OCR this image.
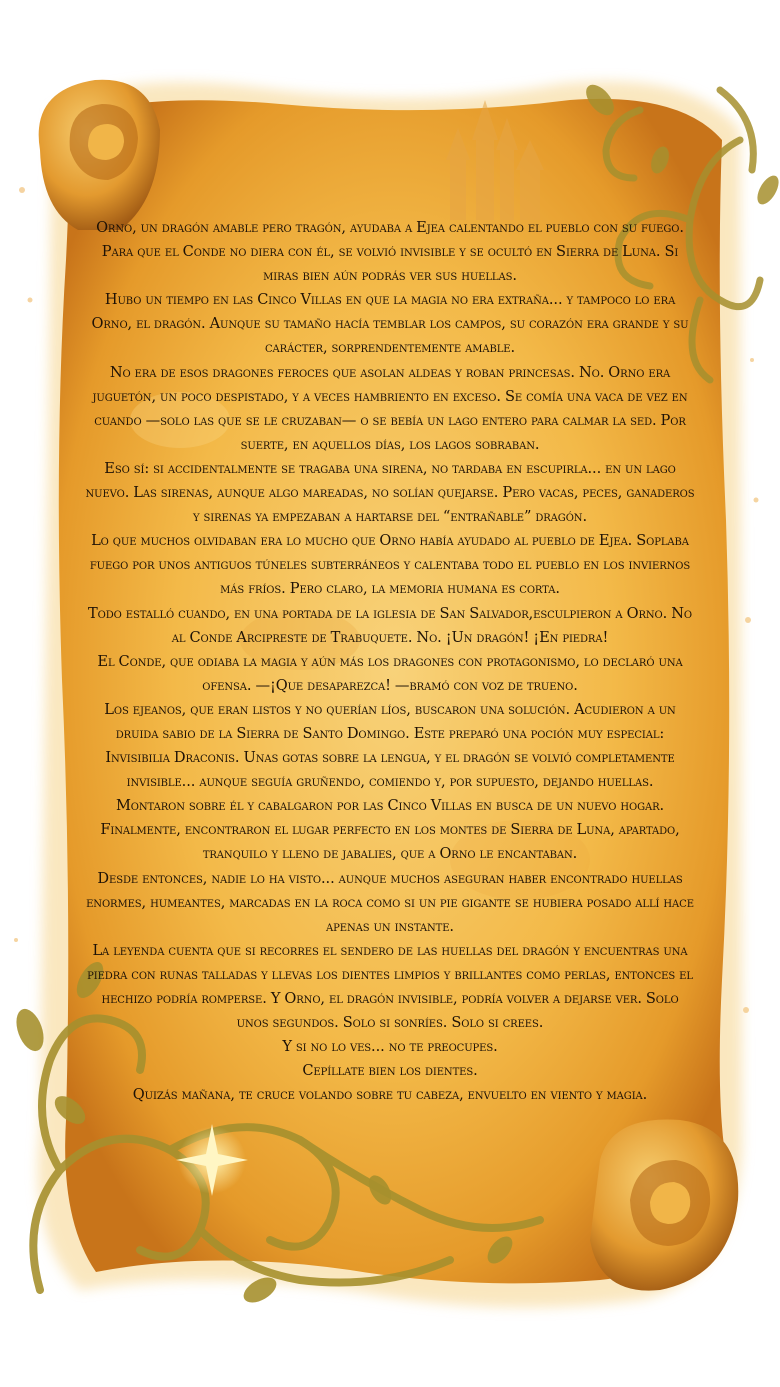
Orno, un dragón amable pero tragón, ayudaba a Ejea calentando el pueblo con su fuego. Para que el Conde no diera con él, se volvió invisible y se ocultó en Sierra de Luna. Si miras bien aún podrás ver sus huellas.

Hubo un tiempo en las Cinco Villas en que la magia no era extraña... y tampoco lo era Orno, el dragón. Aunque su tamaño hacía temblar los campos, su corazón era grande y su carácter, sorprendentemente amable.

No era de esos dragones feroces que asolan aldeas y roban princesas. No. Orno era juguetón, un poco despistado, y a veces hambriento en exceso. Se comía una vaca de vez en cuando —solo las que se le cruzaban— o se bebía un lago entero para calmar la sed. Por suerte, en aquellos días, los lagos sobraban.

Eso sí: si accidentalmente se tragaba una sirena, no tardaba en escupirla... en un lago nuevo. Las sirenas, aunque algo mareadas, no solían quejarse. Pero vacas, peces, ganaderos y sirenas ya empezaban a hartarse del “entrañable” dragón.

Lo que muchos olvidaban era lo mucho que Orno había ayudado al pueblo de Ejea. Soplaba fuego por unos antiguos túneles subterráneos y calentaba todo el pueblo en los inviernos más fríos. Pero claro, la memoria humana es corta.

Todo estalló cuando, en una portada de la iglesia de San Salvador,esculpieron a Orno. No al Conde Arcipreste de Trabuquete. No. ¡Un dragón! ¡En piedra!

El Conde, que odiaba la magia y aún más los dragones con protagonismo, lo declaró una ofensa. —¡Que desaparezca! —bramó con voz de trueno.

Los ejeanos, que eran listos y no querían líos, buscaron una solución. Acudieron a un druida sabio de la Sierra de Santo Domingo. Este preparó una poción muy especial:

Invisibilia Draconis. Unas gotas sobre la lengua, y el dragón se volvió completamente invisible... aunque seguía gruñendo, comiendo y, por supuesto, dejando huellas.

Montaron sobre él y cabalgaron por las Cinco Villas en busca de un nuevo hogar. Finalmente, encontraron el lugar perfecto en los montes de Sierra de Luna, apartado, tranquilo y lleno de jabalies, que a Orno le encantaban.

Desde entonces, nadie lo ha visto... aunque muchos aseguran haber encontrado huellas enormes, humeantes, marcadas en la roca como si un pie gigante se hubiera posado allí hace apenas un instante.

La leyenda cuenta que si recorres el sendero de las huellas del dragón y encuentras una piedra con runas talladas y llevas los dientes limpios y brillantes como perlas, entonces el hechizo podría romperse. Y Orno, el dragón invisible, podría volver a dejarse ver. Solo unos segundos. Solo si sonríes. Solo si crees.

Y si no lo ves... no te preocupes.

Cepíllate bien los dientes.

Quizás mañana, te cruce volando sobre tu cabeza, envuelto en viento y magia.
